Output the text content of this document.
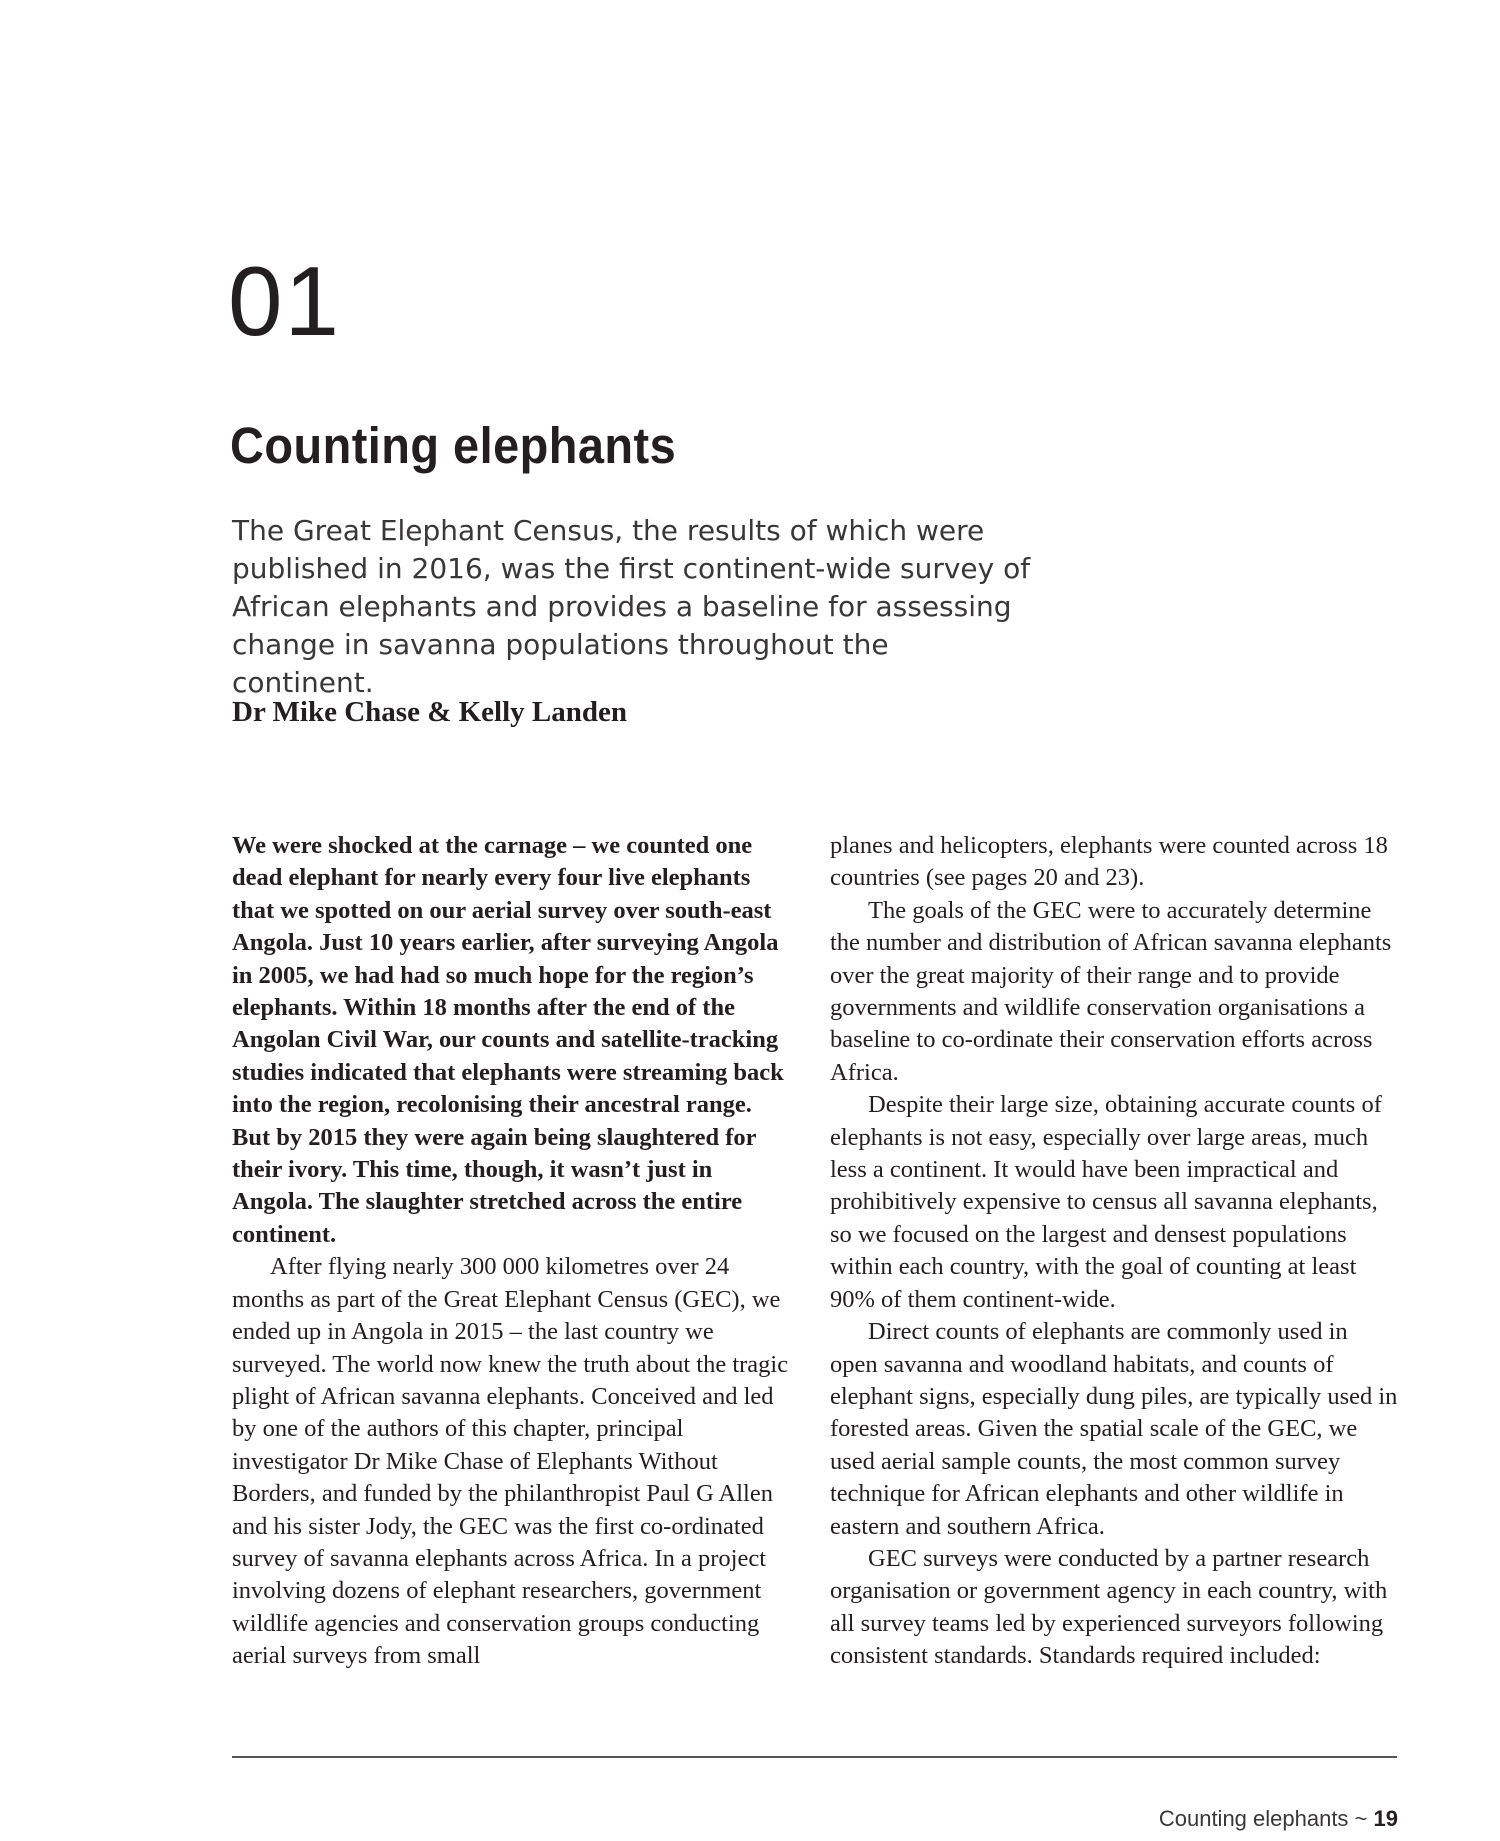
01
Counting elephants

The Great Elephant Census, the results of which were published in 2016, was the first continent-wide survey of African elephants and provides a baseline for assessing change in savanna populations throughout the continent.

Dr Mike Chase & Kelly Landen

We were shocked at the carnage – we counted one dead elephant for nearly every four live elephants that we spotted on our aerial survey over south-east Angola. Just 10 years earlier, after surveying Angola in 2005, we had had so much hope for the region’s elephants. Within 18 months after the end of the Angolan Civil War, our counts and satellite-tracking studies indicated that elephants were streaming back into the region, recolonising their ancestral range. But by 2015 they were again being slaughtered for their ivory. This time, though, it wasn’t just in Angola. The slaughter stretched across the entire continent.

After flying nearly 300 000 kilometres over 24 months as part of the Great Elephant Census (GEC), we ended up in Angola in 2015 – the last country we surveyed. The world now knew the truth about the tragic plight of African savanna elephants. Conceived and led by one of the authors of this chapter, principal investigator Dr Mike Chase of Elephants Without Borders, and funded by the philanthropist Paul G Allen and his sister Jody, the GEC was the first co-ordinated survey of savanna elephants across Africa. In a project involving dozens of elephant researchers, government wildlife agencies and conservation groups conducting aerial surveys from small

planes and helicopters, elephants were counted across 18 countries (see pages 20 and 23).

The goals of the GEC were to accurately determine the number and distribution of African savanna elephants over the great majority of their range and to provide governments and wildlife conservation organisations a baseline to co-ordinate their conservation efforts across Africa.

Despite their large size, obtaining accurate counts of elephants is not easy, especially over large areas, much less a continent. It would have been impractical and prohibitively expensive to census all savanna elephants, so we focused on the largest and densest populations within each country, with the goal of counting at least 90% of them continent-wide.

Direct counts of elephants are commonly used in open savanna and woodland habitats, and counts of elephant signs, especially dung piles, are typically used in forested areas. Given the spatial scale of the GEC, we used aerial sample counts, the most common survey technique for African elephants and other wildlife in eastern and southern Africa.

GEC surveys were conducted by a partner research organisation or government agency in each country, with all survey teams led by experienced surveyors following consistent standards. Standards required included:

Counting elephants ~ 19
